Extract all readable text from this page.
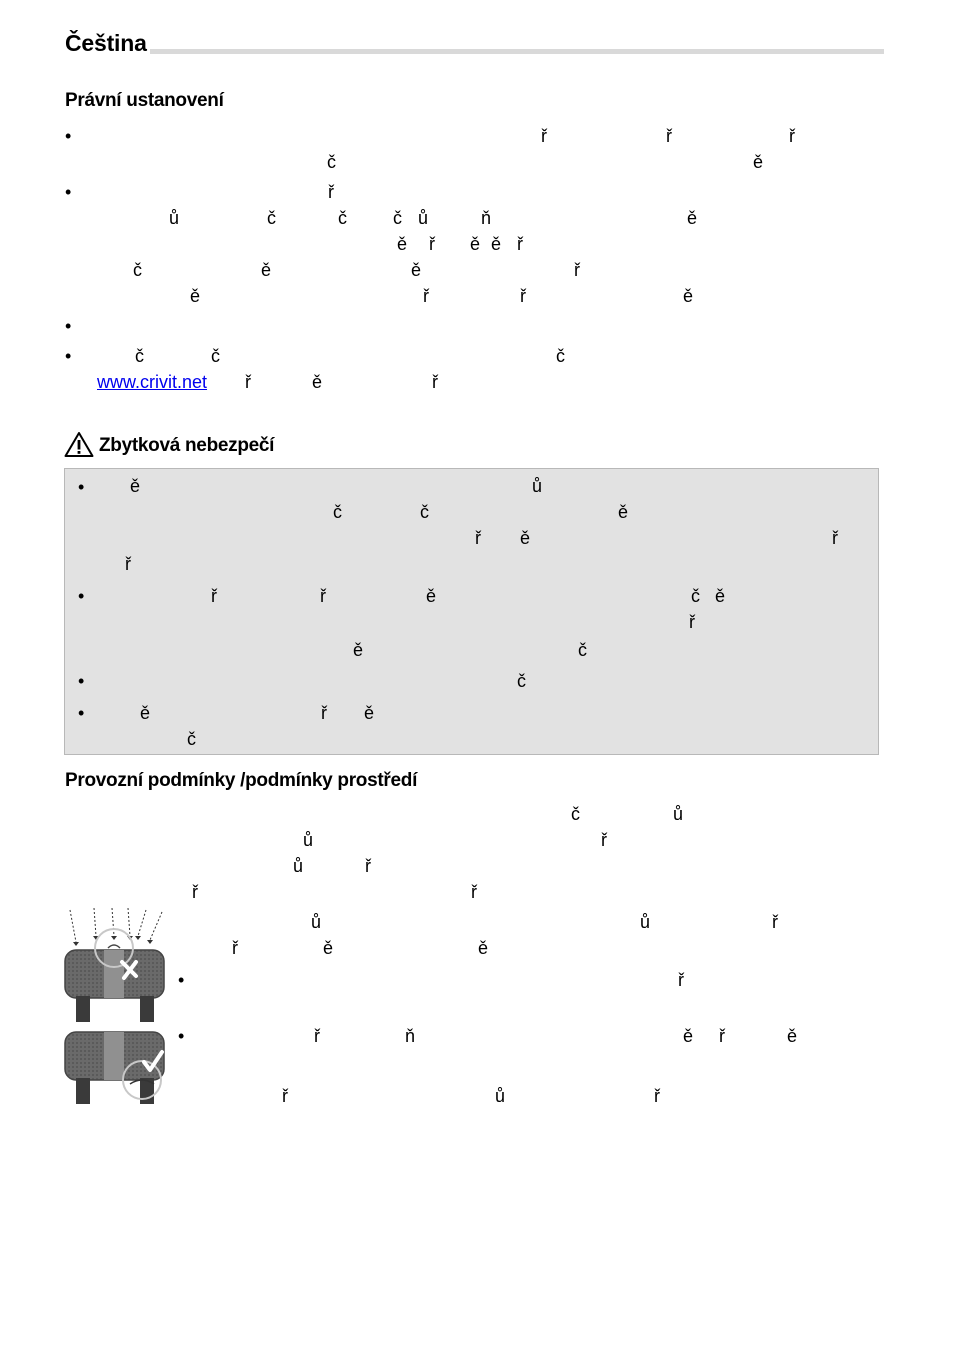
Čeština
Právní ustanovení
•
•
•
•
ř	ř	ř
č	ě
ř
ů	č	č	č ů	ň	ě
ě ř ě ě ř
č	ě	ě	ř
ě	ř	ř	ě
č	č	č
www.crivit.net ř	ě	ř
Zbytková nebezpečí
•
•
•
•
ě	ů
č	č	ě
ř ě	ř
ř
ř	ř	ě	č ě
ř
ě	č
č
ě	ř ě
č
Provozní podmínky /podmínky prostředí
č	ů
ů	ř
ů	ř
ř	ř
ů	ů	ř
ř	ě	ě
•	ř
•	ř	ň	ě ř	ě
ř	ů	ř
